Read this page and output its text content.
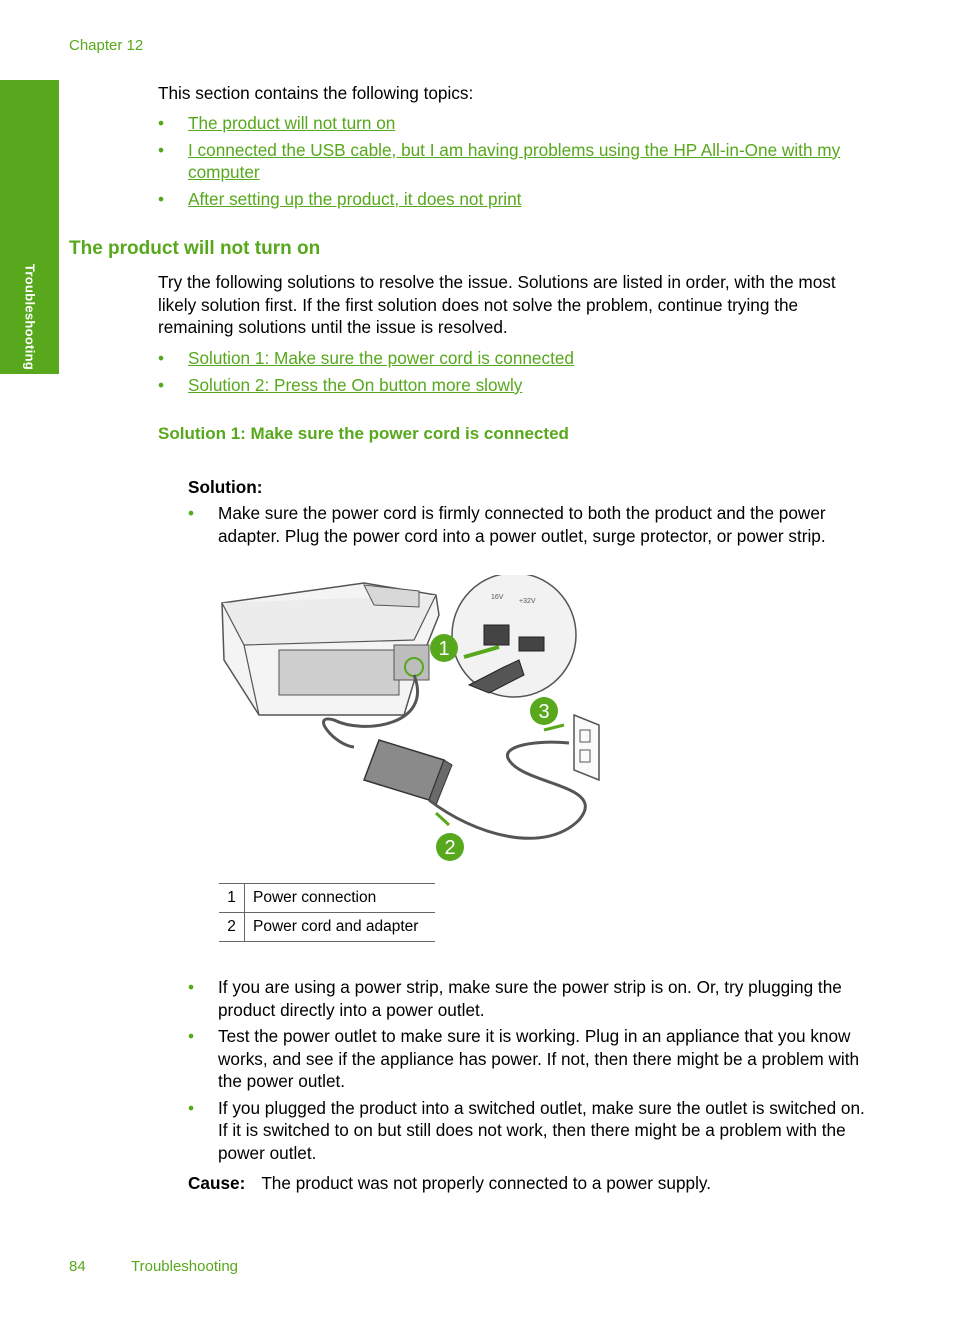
Chapter 12
Troubleshooting
This section contains the following topics:
• The product will not turn on
• I connected the USB cable, but I am having problems using the HP All-in-One with my computer
• After setting up the product, it does not print
The product will not turn on
Try the following solutions to resolve the issue. Solutions are listed in order, with the most likely solution first. If the first solution does not solve the problem, continue trying the remaining solutions until the issue is resolved.
• Solution 1: Make sure the power cord is connected
• Solution 2: Press the On button more slowly
Solution 1: Make sure the power cord is connected
Solution:
• Make sure the power cord is firmly connected to both the product and the power adapter. Plug the power cord into a power outlet, surge protector, or power strip.
16V
+32V
1
3
2
1	Power connection
2	Power cord and adapter
• If you are using a power strip, make sure the power strip is on. Or, try plugging the product directly into a power outlet.
• Test the power outlet to make sure it is working. Plug in an appliance that you know works, and see if the appliance has power. If not, then there might be a problem with the power outlet.
• If you plugged the product into a switched outlet, make sure the outlet is switched on. If it is switched to on but still does not work, then there might be a problem with the power outlet.
Cause: The product was not properly connected to a power supply.
84	Troubleshooting
